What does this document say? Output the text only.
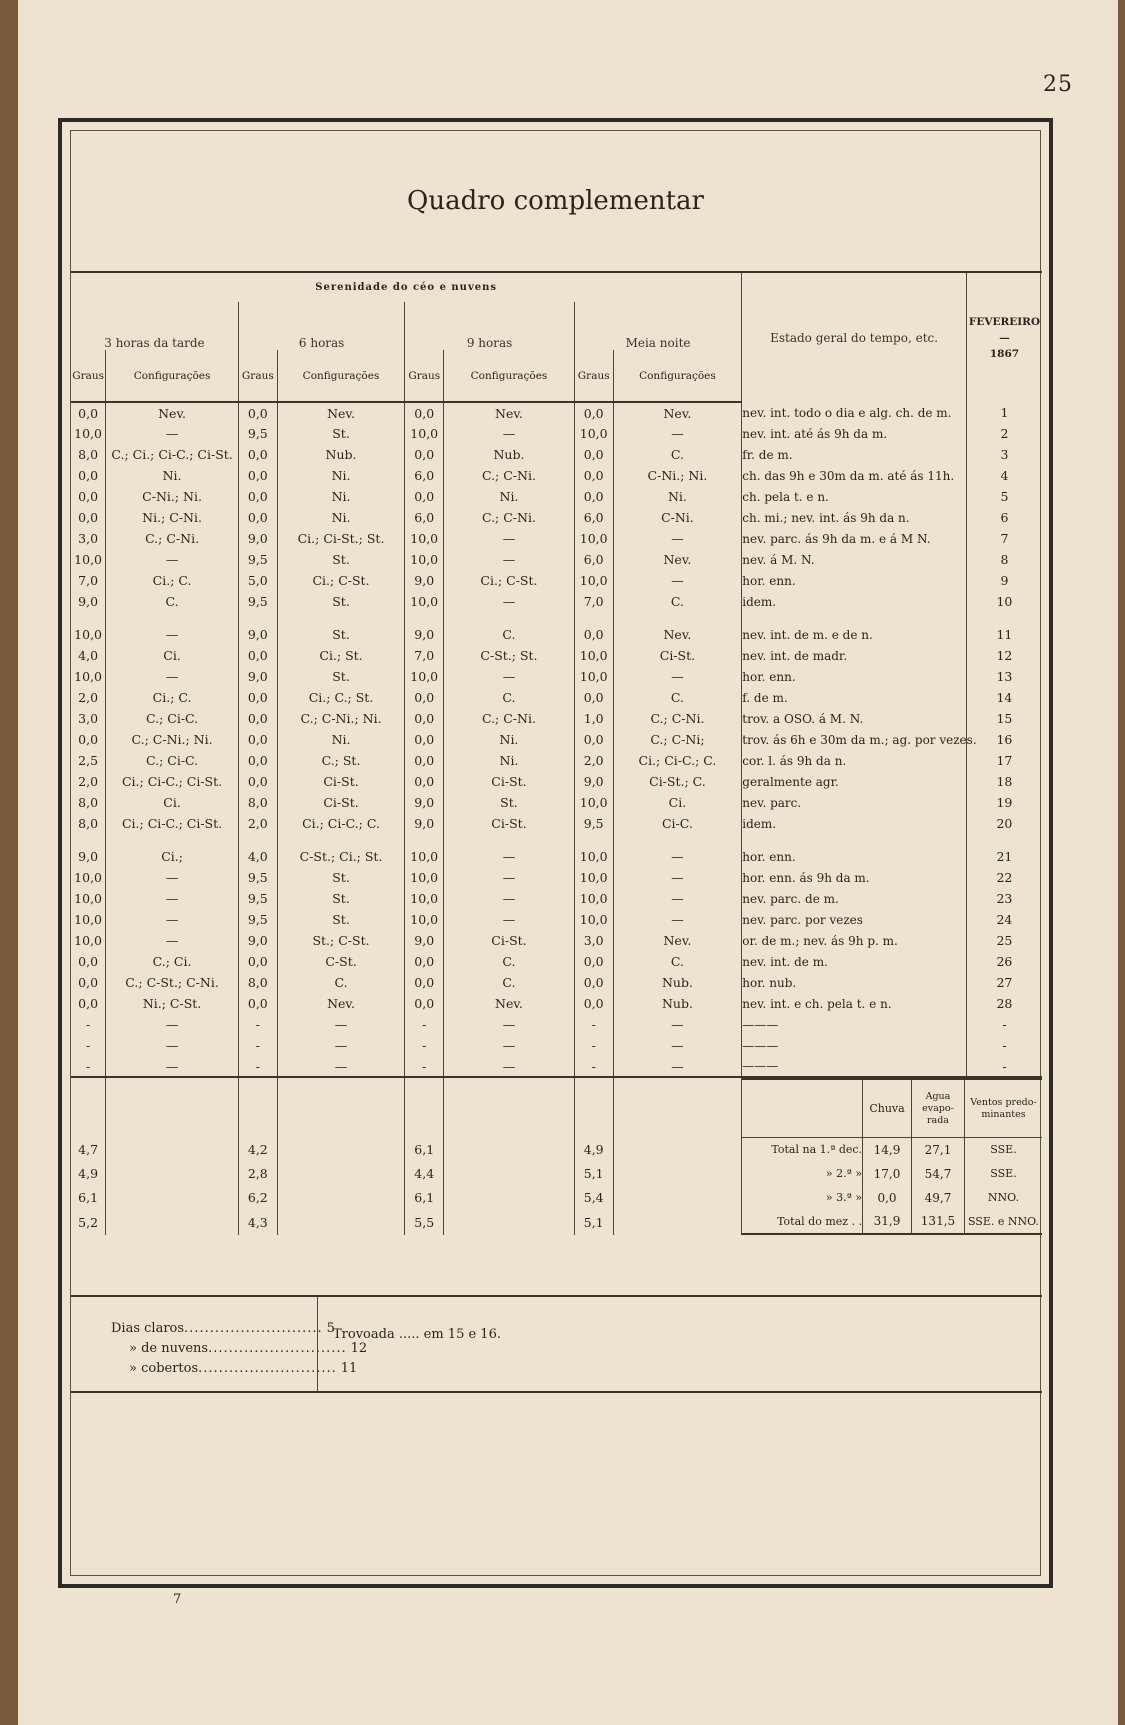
25
Quadro complementar
Serenidade do céo e nuvens	Estado geral do tempo, etc.	
FEVEREIRO
—
1867

3 horas da tarde	6 horas	9 horas	Meia noite
Graus	Configurações	Graus	Configurações	Graus	Configurações	Graus	Configurações
0,0	Nev.	0,0	Nev.	0,0	Nev.	0,0	Nev.	nev. int. todo o dia e alg. ch. de m.	1
10,0	—	9,5	St.	10,0	—	10,0	—	nev. int. até ás 9h da m.	2
8,0	C.; Ci.; Ci-C.; Ci-St.	0,0	Nub.	0,0	Nub.	0,0	C.	fr. de m.	3
0,0	Ni.	0,0	Ni.	6,0	C.; C-Ni.	0,0	C-Ni.; Ni.	ch. das 9h e 30m da m. até ás 11h.	4
0,0	C-Ni.; Ni.	0,0	Ni.	0,0	Ni.	0,0	Ni.	ch. pela t. e n.	5
0,0	Ni.; C-Ni.	0,0	Ni.	6,0	C.; C-Ni.	6,0	C-Ni.	ch. mi.; nev. int. ás 9h da n.	6
3,0	C.; C-Ni.	9,0	Ci.; Ci-St.; St.	10,0	—	10,0	—	nev. parc. ás 9h da m. e á M N.	7
10,0	—	9,5	St.	10,0	—	6,0	Nev.	nev. á M. N.	8
7,0	Ci.; C.	5,0	Ci.; C-St.	9,0	Ci.; C-St.	10,0	—	hor. enn.	9
9,0	C.	9,5	St.	10,0	—	7,0	C.	idem.	10

10,0	—	9,0	St.	9,0	C.	0,0	Nev.	nev. int. de m. e de n.	11
4,0	Ci.	0,0	Ci.; St.	7,0	C-St.; St.	10,0	Ci-St.	nev. int. de madr.	12
10,0	—	9,0	St.	10,0	—	10,0	—	hor. enn.	13
2,0	Ci.; C.	0,0	Ci.; C.; St.	0,0	C.	0,0	C.	f. de m.	14
3,0	C.; Ci-C.	0,0	C.; C-Ni.; Ni.	0,0	C.; C-Ni.	1,0	C.; C-Ni.	trov. a OSO. á M. N.	15
0,0	C.; C-Ni.; Ni.	0,0	Ni.	0,0	Ni.	0,0	C.; C-Ni;	trov. ás 6h e 30m da m.; ag. por vezes.	16
2,5	C.; Ci-C.	0,0	C.; St.	0,0	Ni.	2,0	Ci.; Ci-C.; C.	cor. l. ás 9h da n.	17
2,0	Ci.; Ci-C.; Ci-St.	0,0	Ci-St.	0,0	Ci-St.	9,0	Ci-St.; C.	geralmente agr.	18
8,0	Ci.	8,0	Ci-St.	9,0	St.	10,0	Ci.	nev. parc.	19
8,0	Ci.; Ci-C.; Ci-St.	2,0	Ci.; Ci-C.; C.	9,0	Ci-St.	9,5	Ci-C.	idem.	20

9,0	Ci.;	4,0	C-St.; Ci.; St.	10,0	—	10,0	—	hor. enn.	21
10,0	—	9,5	St.	10,0	—	10,0	—	hor. enn. ás 9h da m.	22
10,0	—	9,5	St.	10,0	—	10,0	—	nev. parc. de m.	23
10,0	—	9,5	St.	10,0	—	10,0	—	nev. parc. por vezes	24
10,0	—	9,0	St.; C-St.	9,0	Ci-St.	3,0	Nev.	or. de m.; nev. ás 9h p. m.	25
0,0	C.; Ci.	0,0	C-St.	0,0	C.	0,0	C.	nev. int. de m.	26
0,0	C.; C-St.; C-Ni.	8,0	C.	0,0	C.	0,0	Nub.	hor. nub.	27
0,0	Ni.; C-St.	0,0	Nev.	0,0	Nev.	0,0	Nub.	nev. int. e ch. pela t. e n.	28
-	—	-	—	-	—	-	—	———	-
-	—	-	—	-	—	-	—	———	-
-	—	-	—	-	—	-	—	———	-

	Chuva	Agua evapo-rada	Ventos predo-minantes

4,7		4,2		6,1		4,9			Total na 1.ª dec.	14,9	27,1	SSE.

4,9		2,8		4,4		5,1			» 2.ª »	17,0	54,7	SSE.

6,1		6,2		6,1		5,4			» 3.ª »	0,0	49,7	NNO.

5,2		4,3		5,5		5,1			Total do mez . .	31,9	131,5	SSE. e NNO.
Dias claros ........................... 5
» de nuvens ........................... 12
» cobertos ........................... 11
Trovoada ..... em 15 e 16.
7
